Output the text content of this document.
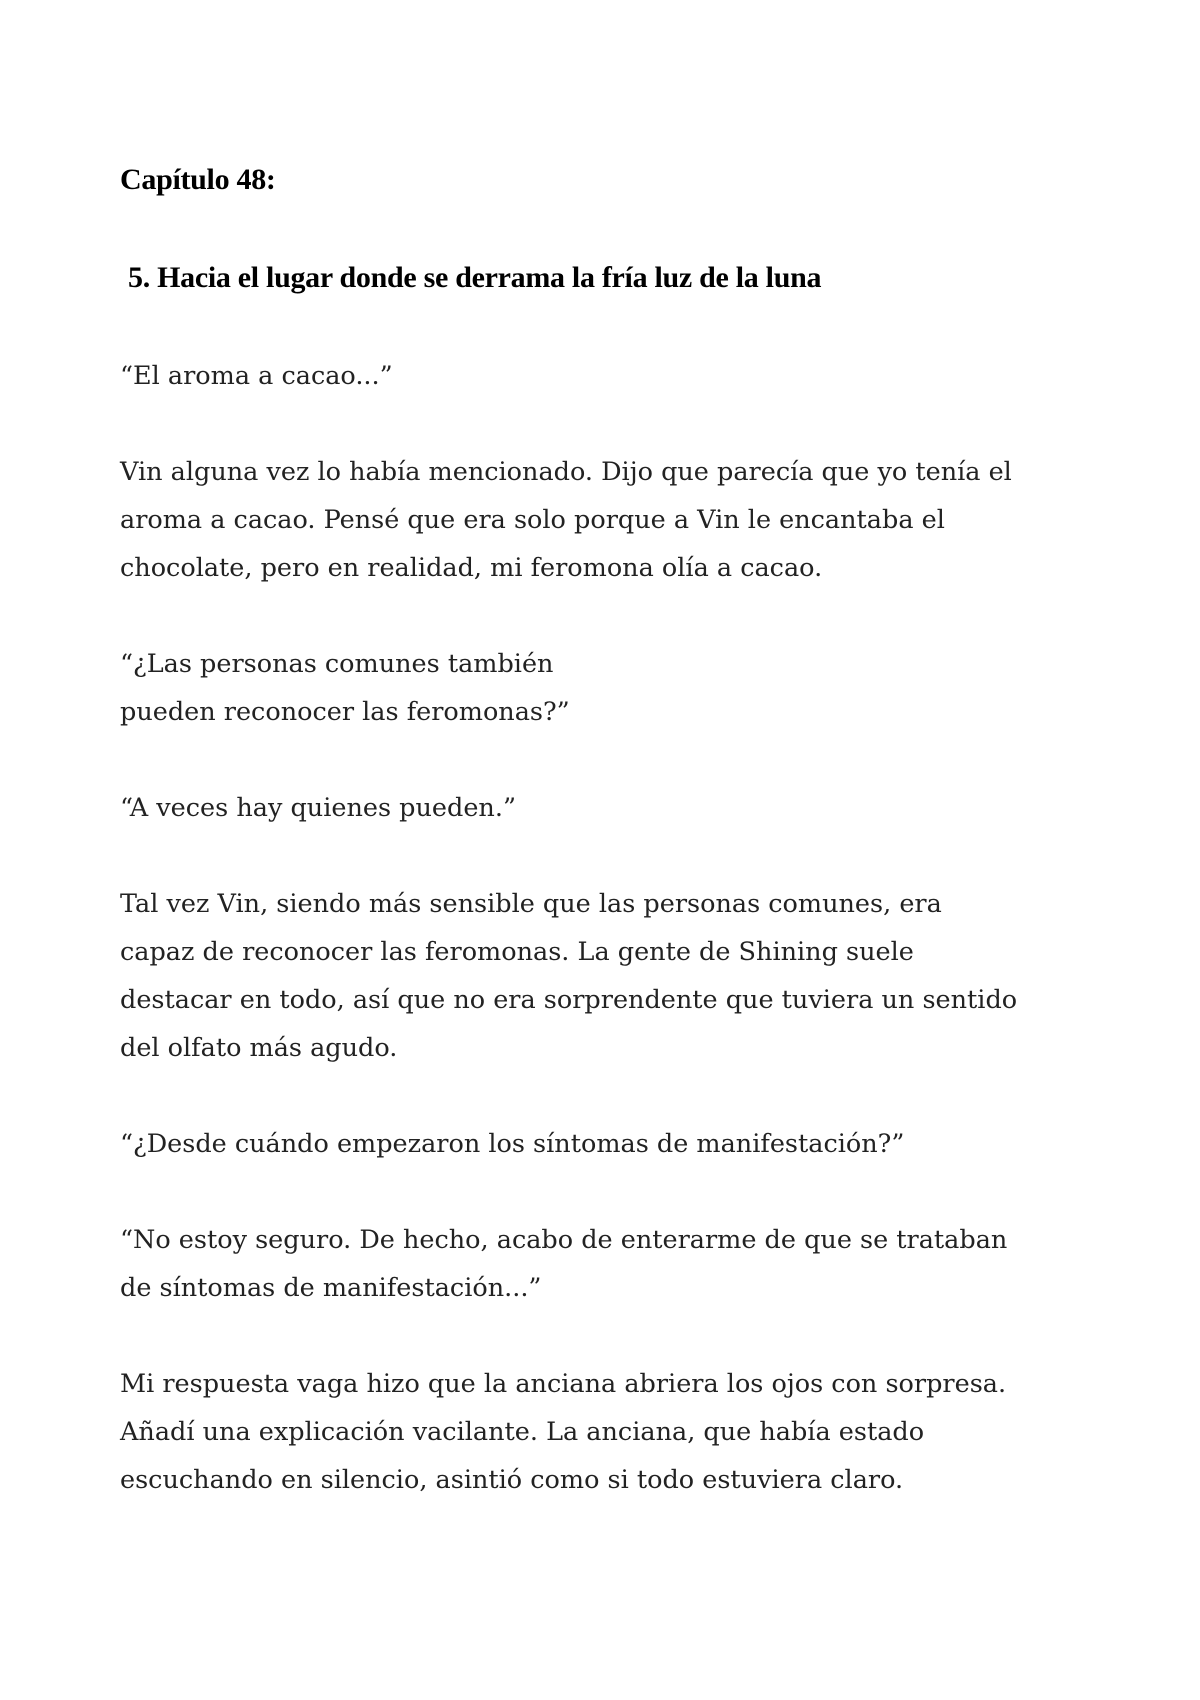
Capítulo 48:
5. Hacia el lugar donde se derrama la fría luz de la luna
“El aroma a cacao...”
Vin alguna vez lo había mencionado. Dijo que parecía que yo tenía el
aroma a cacao. Pensé que era solo porque a Vin le encantaba el
chocolate, pero en realidad, mi feromona olía a cacao.
“¿Las personas comunes también
pueden reconocer las feromonas?”
“A veces hay quienes pueden.”
Tal vez Vin, siendo más sensible que las personas comunes, era
capaz de reconocer las feromonas. La gente de Shining suele
destacar en todo, así que no era sorprendente que tuviera un sentido
del olfato más agudo.
“¿Desde cuándo empezaron los síntomas de manifestación?”
“No estoy seguro. De hecho, acabo de enterarme de que se trataban
de síntomas de manifestación...”
Mi respuesta vaga hizo que la anciana abriera los ojos con sorpresa.
Añadí una explicación vacilante. La anciana, que había estado
escuchando en silencio, asintió como si todo estuviera claro.
